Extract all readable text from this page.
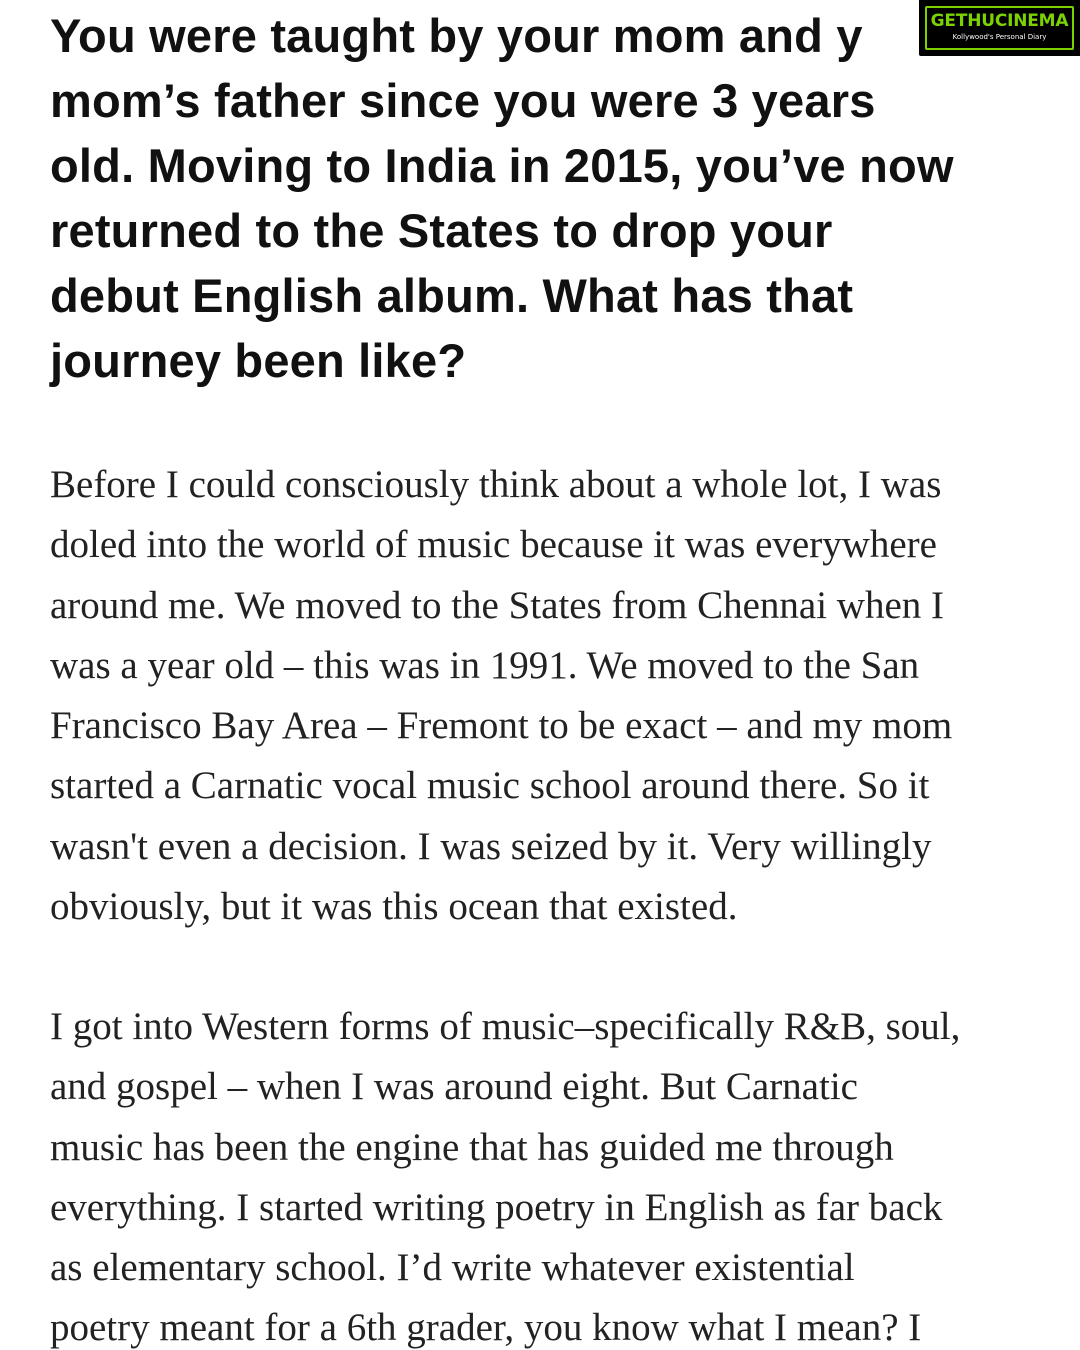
You were taught by your mom and y
mom’s father since you were 3 years
old. Moving to India in 2015, you’ve now
returned to the States to drop your
debut English album. What has that
journey been like?

Before I could consciously think about a whole lot, I was
doled into the world of music because it was everywhere
around me. We moved to the States from Chennai when I
was a year old – this was in 1991. We moved to the San
Francisco Bay Area – Fremont to be exact – and my mom
started a Carnatic vocal music school around there. So it
wasn't even a decision. I was seized by it. Very willingly
obviously, but it was this ocean that existed.

I got into Western forms of music–specifically R&B, soul,
and gospel – when I was around eight. But Carnatic
music has been the engine that has guided me through
everything. I started writing poetry in English as far back
as elementary school. I’d write whatever existential
poetry meant for a 6th grader, you know what I mean? I

GETHUCINEMA
Kollywood's Personal Diary
